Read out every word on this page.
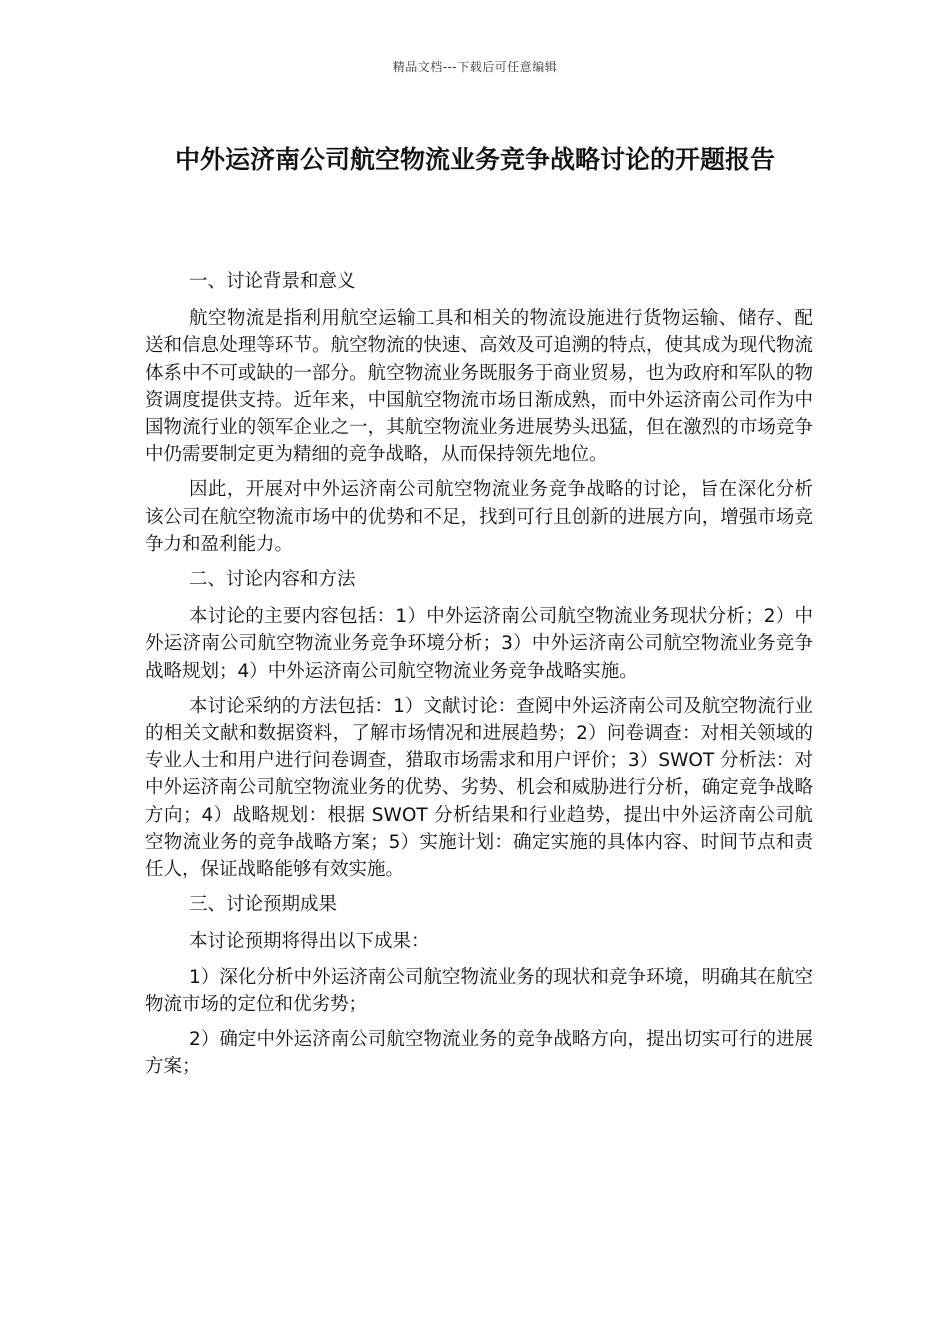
精品文档---下载后可任意编辑
中外运济南公司航空物流业务竞争战略讨论的开题报告

一、讨论背景和意义

航空物流是指利用航空运输工具和相关的物流设施进行货物运输、储存、配送和信息处理等环节。航空物流的快速、高效及可追溯的特点，使其成为现代物流体系中不可或缺的一部分。航空物流业务既服务于商业贸易，也为政府和军队的物资调度提供支持。近年来，中国航空物流市场日渐成熟，而中外运济南公司作为中国物流行业的领军企业之一，其航空物流业务进展势头迅猛，但在激烈的市场竞争中仍需要制定更为精细的竞争战略，从而保持领先地位。

因此，开展对中外运济南公司航空物流业务竞争战略的讨论，旨在深化分析该公司在航空物流市场中的优势和不足，找到可行且创新的进展方向，增强市场竞争力和盈利能力。

二、讨论内容和方法

本讨论的主要内容包括：1）中外运济南公司航空物流业务现状分析；2）中外运济南公司航空物流业务竞争环境分析；3）中外运济南公司航空物流业务竞争战略规划；4）中外运济南公司航空物流业务竞争战略实施。

本讨论采纳的方法包括：1）文献讨论：查阅中外运济南公司及航空物流行业的相关文献和数据资料，了解市场情况和进展趋势；2）问卷调查：对相关领域的专业人士和用户进行问卷调查，猎取市场需求和用户评价；3）SWOT 分析法：对中外运济南公司航空物流业务的优势、劣势、机会和威胁进行分析，确定竞争战略方向；4）战略规划：根据 SWOT 分析结果和行业趋势，提出中外运济南公司航空物流业务的竞争战略方案；5）实施计划：确定实施的具体内容、时间节点和责任人，保证战略能够有效实施。

三、讨论预期成果

本讨论预期将得出以下成果：

1）深化分析中外运济南公司航空物流业务的现状和竞争环境，明确其在航空物流市场的定位和优劣势；

2）确定中外运济南公司航空物流业务的竞争战略方向，提出切实可行的进展方案；
